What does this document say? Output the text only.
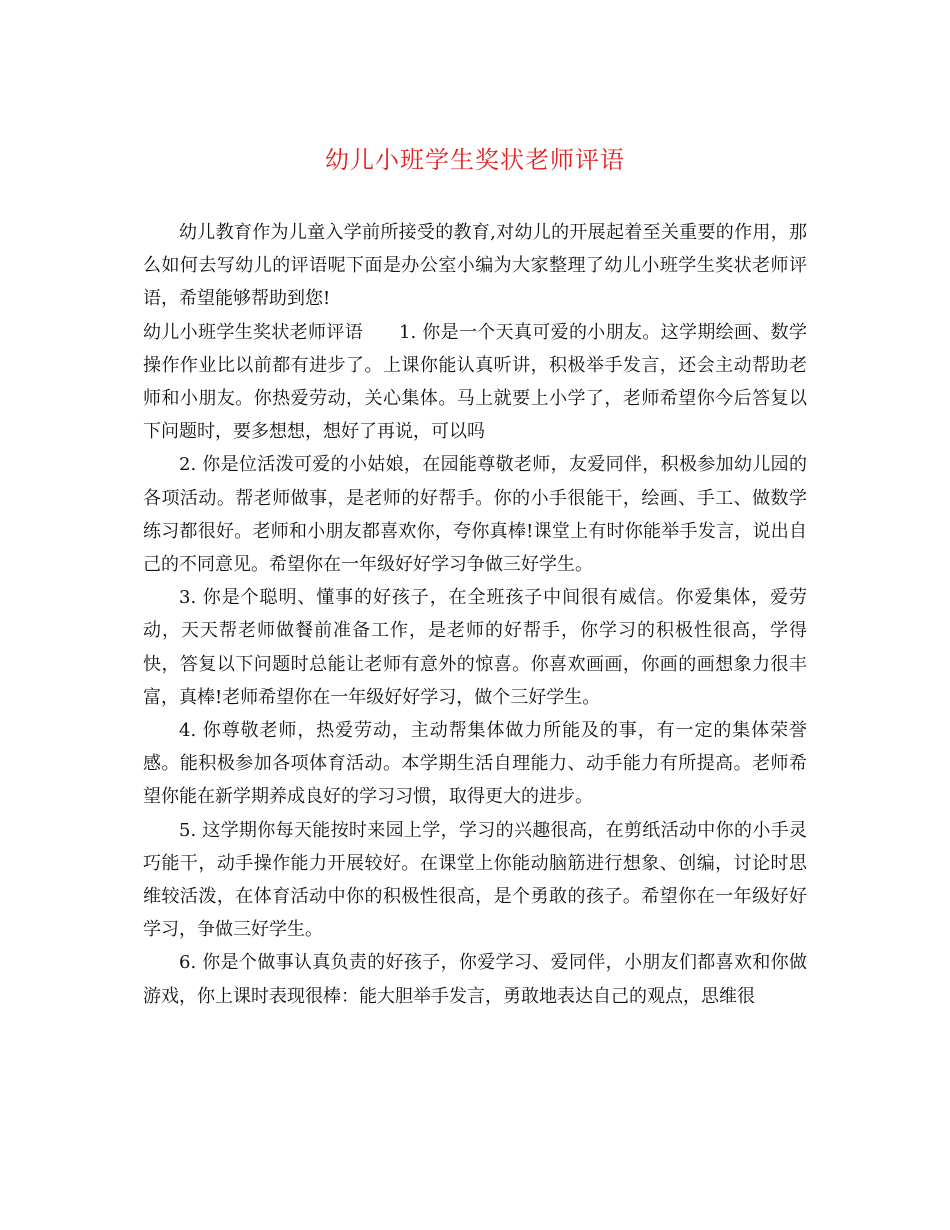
幼儿小班学生奖状老师评语

幼儿教育作为儿童入学前所接受的教育,对幼儿的开展起着至关重要的作用，那么如何去写幼儿的评语呢下面是办公室小编为大家整理了幼儿小班学生奖状老师评语，希望能够帮助到您!

幼儿小班学生奖状老师评语 1. 你是一个天真可爱的小朋友。这学期绘画、数学操作作业比以前都有进步了。上课你能认真听讲，积极举手发言，还会主动帮助老师和小朋友。你热爱劳动，关心集体。马上就要上小学了，老师希望你今后答复以下问题时，要多想想，想好了再说，可以吗

2. 你是位活泼可爱的小姑娘，在园能尊敬老师，友爱同伴，积极参加幼儿园的各项活动。帮老师做事，是老师的好帮手。你的小手很能干，绘画、手工、做数学练习都很好。老师和小朋友都喜欢你，夸你真棒!课堂上有时你能举手发言，说出自己的不同意见。希望你在一年级好好学习争做三好学生。

3. 你是个聪明、懂事的好孩子，在全班孩子中间很有威信。你爱集体，爱劳动，天天帮老师做餐前准备工作，是老师的好帮手，你学习的积极性很高，学得快，答复以下问题时总能让老师有意外的惊喜。你喜欢画画，你画的画想象力很丰富，真棒!老师希望你在一年级好好学习，做个三好学生。

4. 你尊敬老师，热爱劳动，主动帮集体做力所能及的事，有一定的集体荣誉感。能积极参加各项体育活动。本学期生活自理能力、动手能力有所提高。老师希望你能在新学期养成良好的学习习惯，取得更大的进步。

5. 这学期你每天能按时来园上学，学习的兴趣很高，在剪纸活动中你的小手灵巧能干，动手操作能力开展较好。在课堂上你能动脑筋进行想象、创编，讨论时思维较活泼，在体育活动中你的积极性很高，是个勇敢的孩子。希望你在一年级好好学习，争做三好学生。

6. 你是个做事认真负责的好孩子，你爱学习、爱同伴，小朋友们都喜欢和你做游戏，你上课时表现很棒：能大胆举手发言，勇敢地表达自己的观点，思维很
